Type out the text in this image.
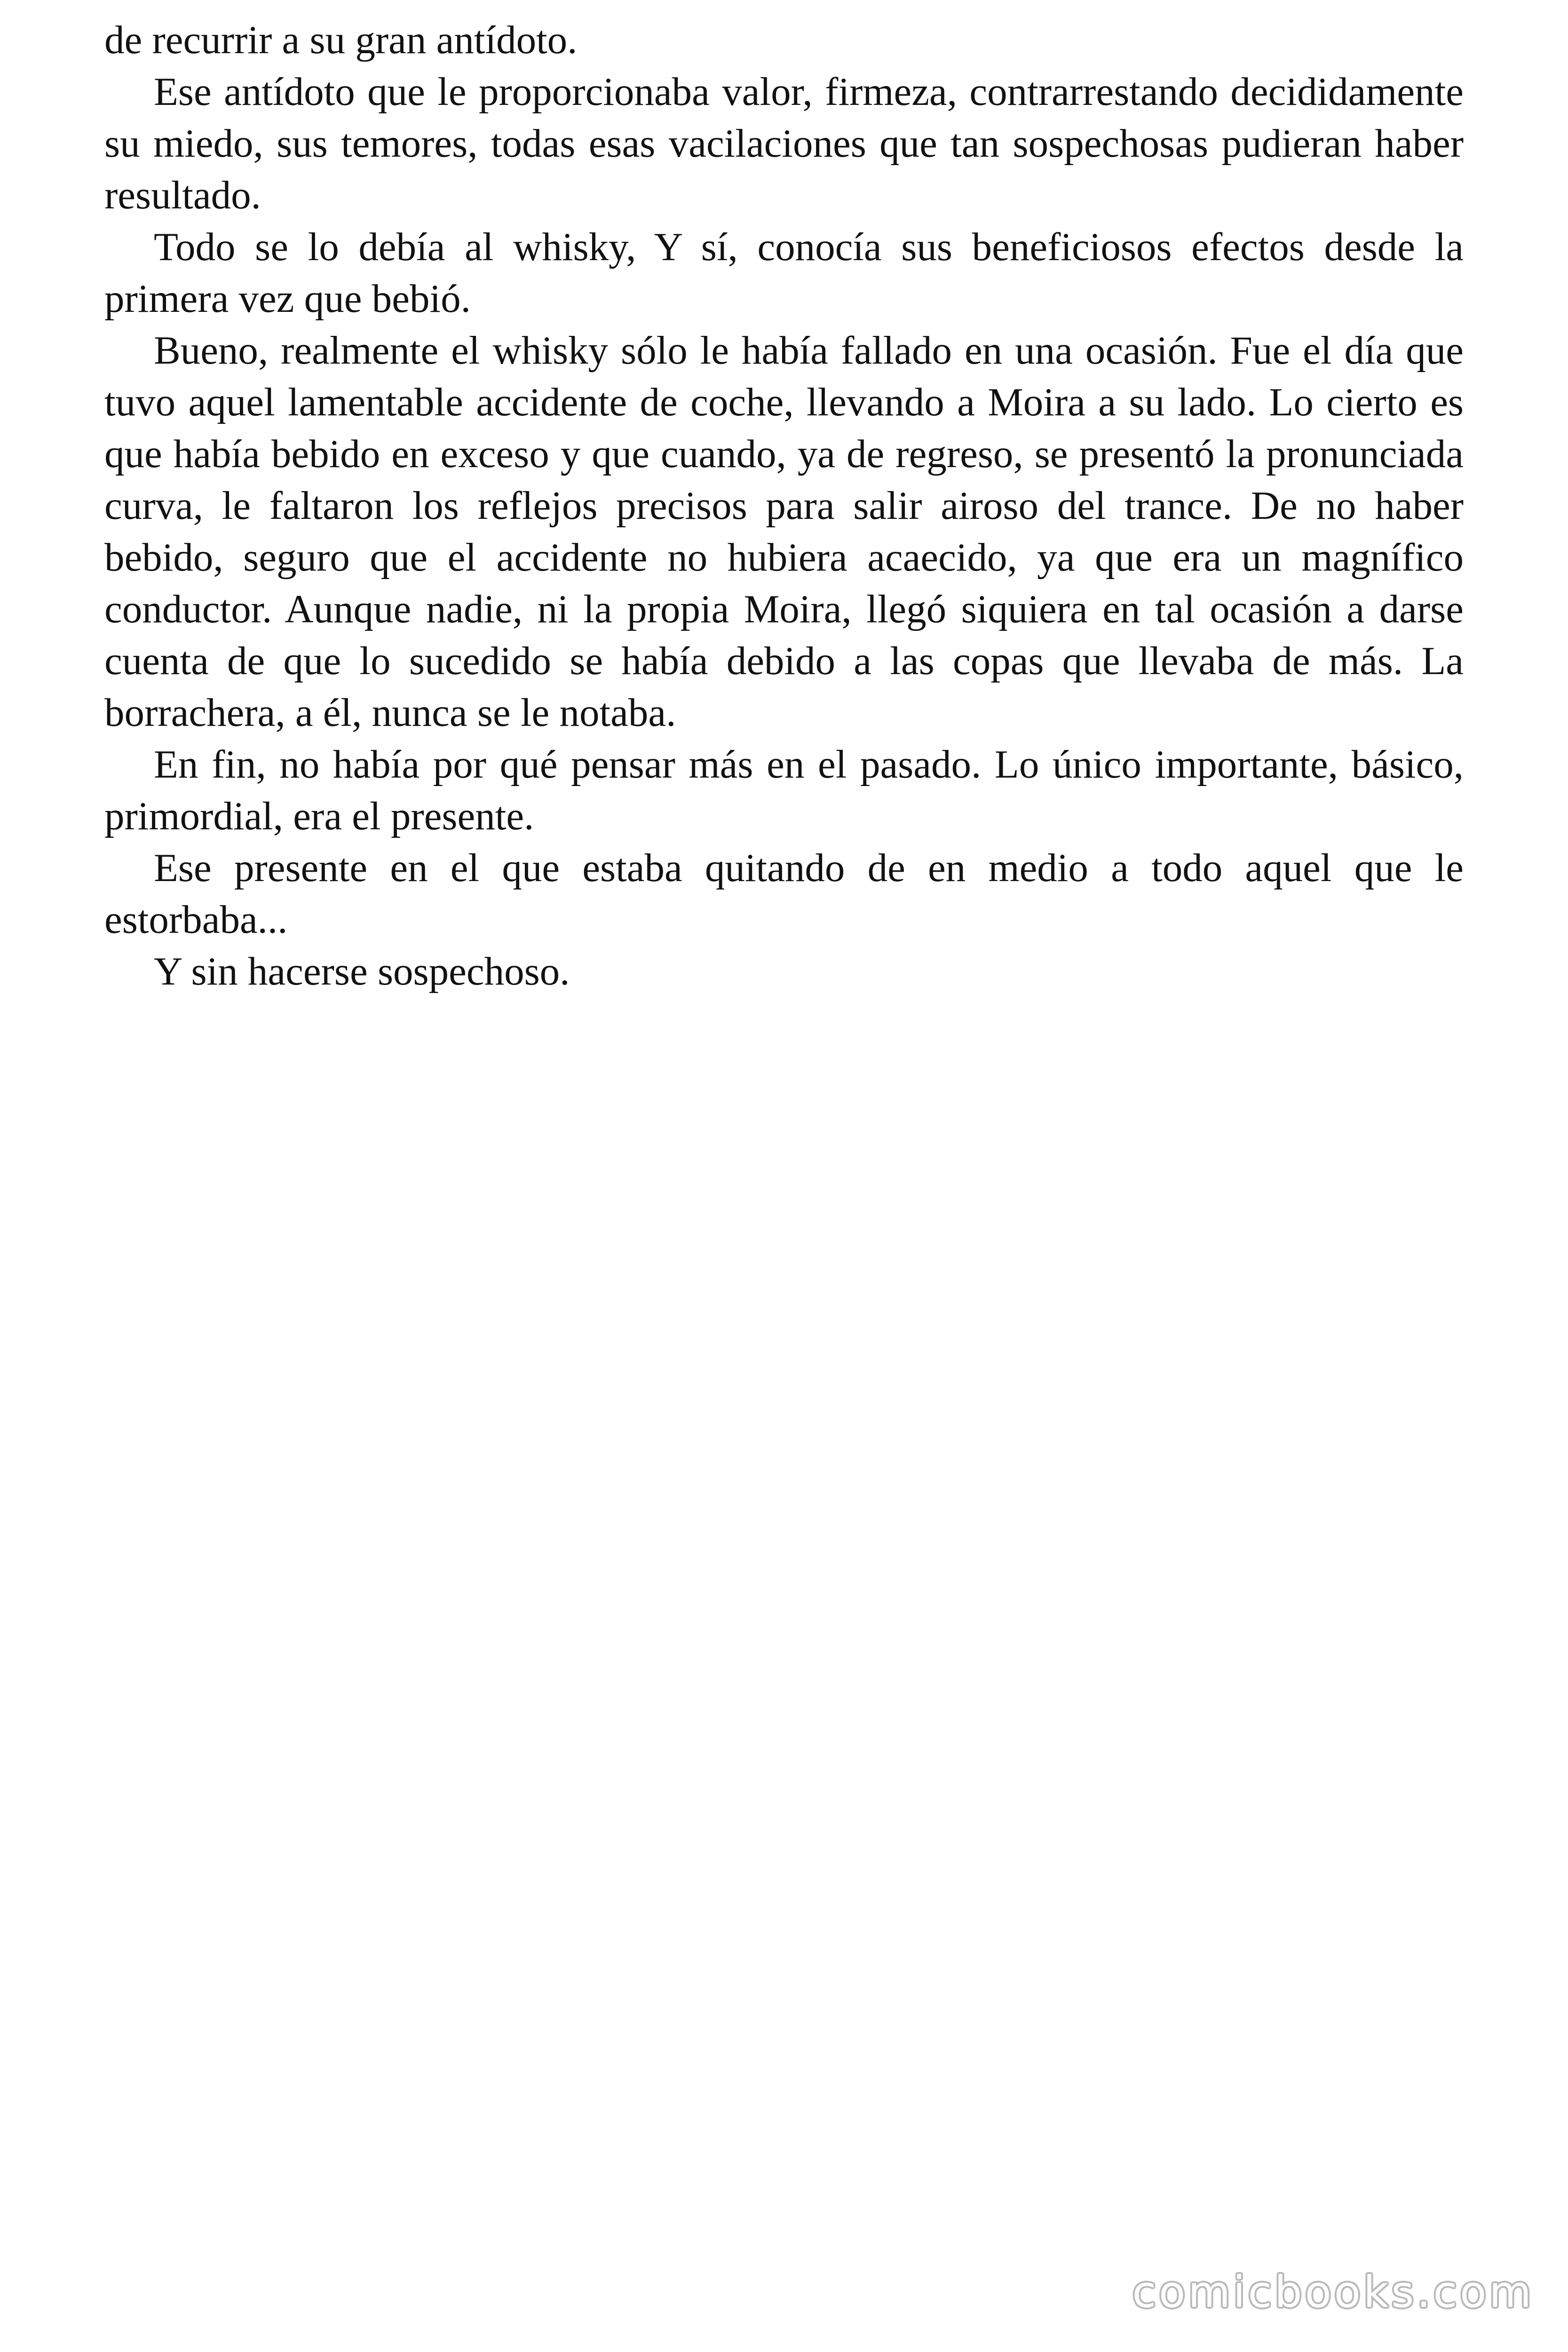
de recurrir a su gran antídoto.

Ese antídoto que le proporcionaba valor, firmeza, contrarrestando decididamente su miedo, sus temores, todas esas vacilaciones que tan sospechosas pudieran haber resultado.

Todo se lo debía al whisky, Y sí, conocía sus beneficiosos efectos desde la primera vez que bebió.

Bueno, realmente el whisky sólo le había fallado en una ocasión. Fue el día que tuvo aquel lamentable accidente de coche, llevando a Moira a su lado. Lo cierto es que había bebido en exceso y que cuando, ya de regreso, se presentó la pronunciada curva, le faltaron los reflejos precisos para salir airoso del trance. De no haber bebido, seguro que el accidente no hubiera acaecido, ya que era un magnífico conductor. Aunque nadie, ni la propia Moira, llegó siquiera en tal ocasión a darse cuenta de que lo sucedido se había debido a las copas que llevaba de más. La borrachera, a él, nunca se le notaba.

En fin, no había por qué pensar más en el pasado. Lo único importante, básico, primordial, era el presente.

Ese presente en el que estaba quitando de en medio a todo aquel que le estorbaba...

Y sin hacerse sospechoso.

comicbooks.com
